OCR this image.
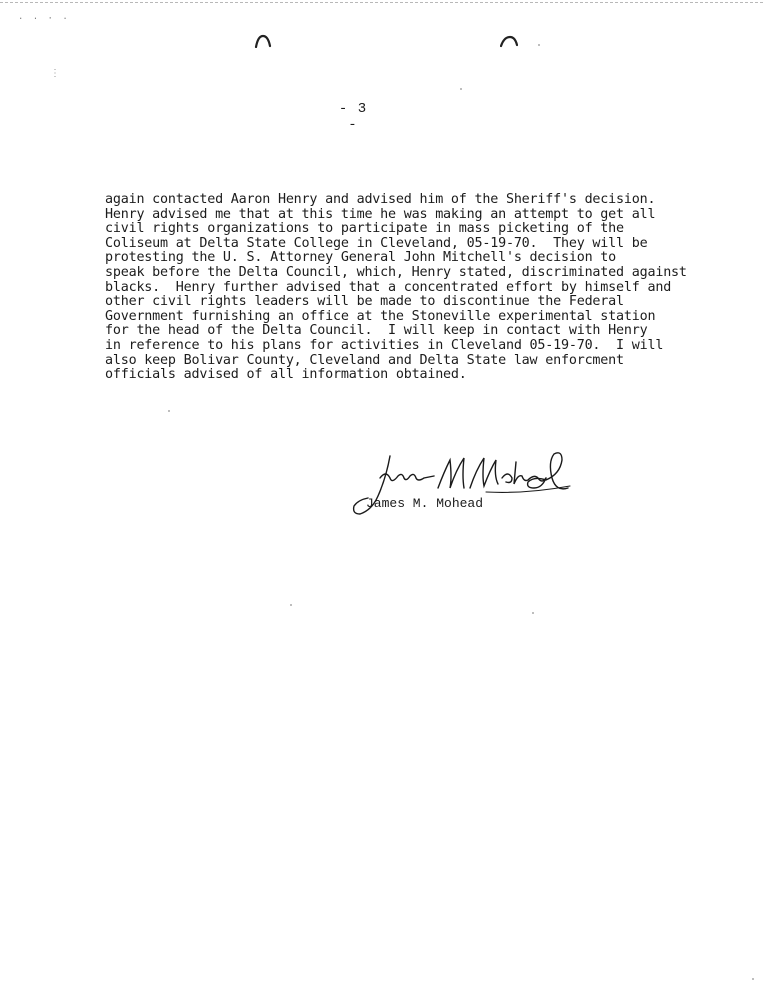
· · ⋅ ·
⋮
- 3 -
again contacted Aaron Henry and advised him of the Sheriff's decision.
Henry advised me that at this time he was making an attempt to get all
civil rights organizations to participate in mass picketing of the
Coliseum at Delta State College in Cleveland, 05-19-70.  They will be
protesting the U. S. Attorney General John Mitchell's decision to
speak before the Delta Council, which, Henry stated, discriminated against
blacks.  Henry further advised that a concentrated effort by himself and
other civil rights leaders will be made to discontinue the Federal
Government furnishing an office at the Stoneville experimental station
for the head of the Delta Council.  I will keep in contact with Henry
in reference to his plans for activities in Cleveland 05-19-70.  I will
also keep Bolivar County, Cleveland and Delta State law enforcment
officials advised of all information obtained.
James M. Mohead
